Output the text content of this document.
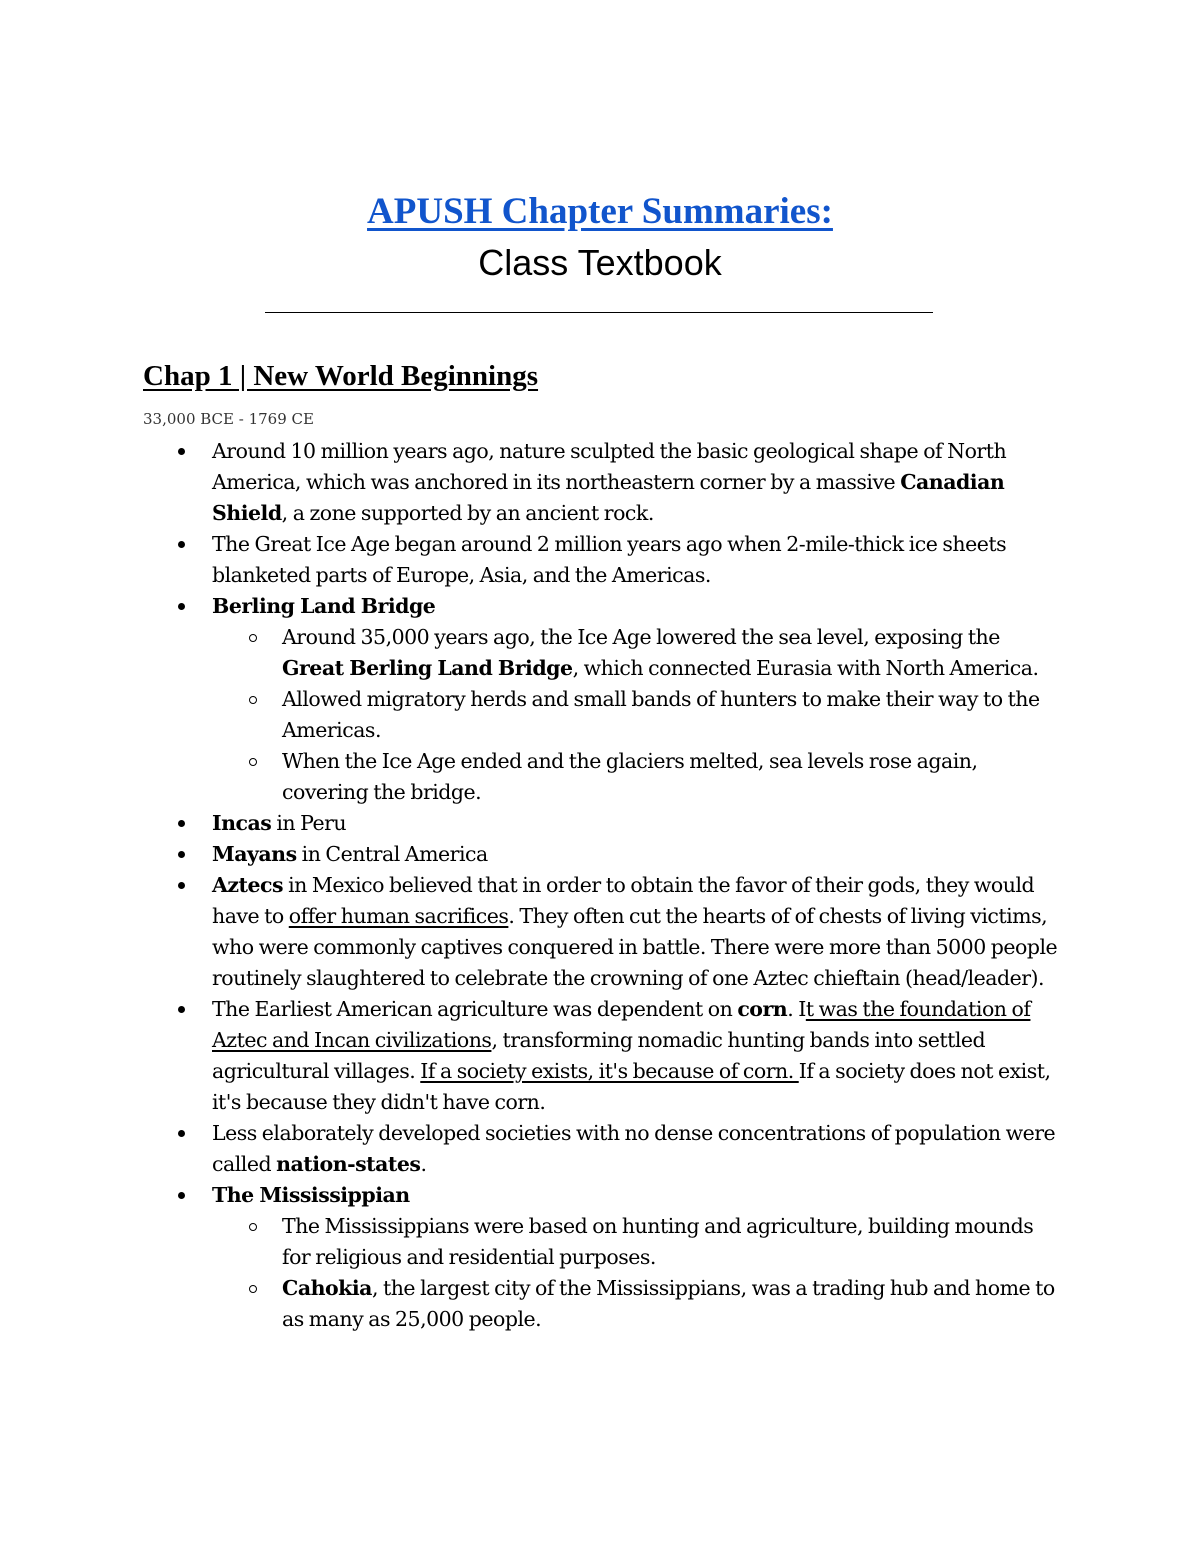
APUSH Chapter Summaries:
Class Textbook
Chap 1 | New World Beginnings
33,000 BCE - 1769 CE
Around 10 million years ago, nature sculpted the basic geological shape of North America, which was anchored in its northeastern corner by a massive Canadian Shield, a zone supported by an ancient rock.
The Great Ice Age began around 2 million years ago when 2-mile-thick ice sheets blanketed parts of Europe, Asia, and the Americas.
Berling Land Bridge
Around 35,000 years ago, the Ice Age lowered the sea level, exposing the Great Berling Land Bridge, which connected Eurasia with North America.
Allowed migratory herds and small bands of hunters to make their way to the Americas.
When the Ice Age ended and the glaciers melted, sea levels rose again, covering the bridge.
Incas in Peru
Mayans in Central America
Aztecs in Mexico believed that in order to obtain the favor of their gods, they would have to offer human sacrifices. They often cut the hearts of of chests of living victims, who were commonly captives conquered in battle. There were more than 5000 people routinely slaughtered to celebrate the crowning of one Aztec chieftain (head/leader).
The Earliest American agriculture was dependent on corn. It was the foundation of Aztec and Incan civilizations, transforming nomadic hunting bands into settled agricultural villages. If a society exists, it's because of corn. If a society does not exist, it's because they didn't have corn.
Less elaborately developed societies with no dense concentrations of population were called nation-states.
The Mississippian
The Mississippians were based on hunting and agriculture, building mounds for religious and residential purposes.
Cahokia, the largest city of the Mississippians, was a trading hub and home to as many as 25,000 people.
